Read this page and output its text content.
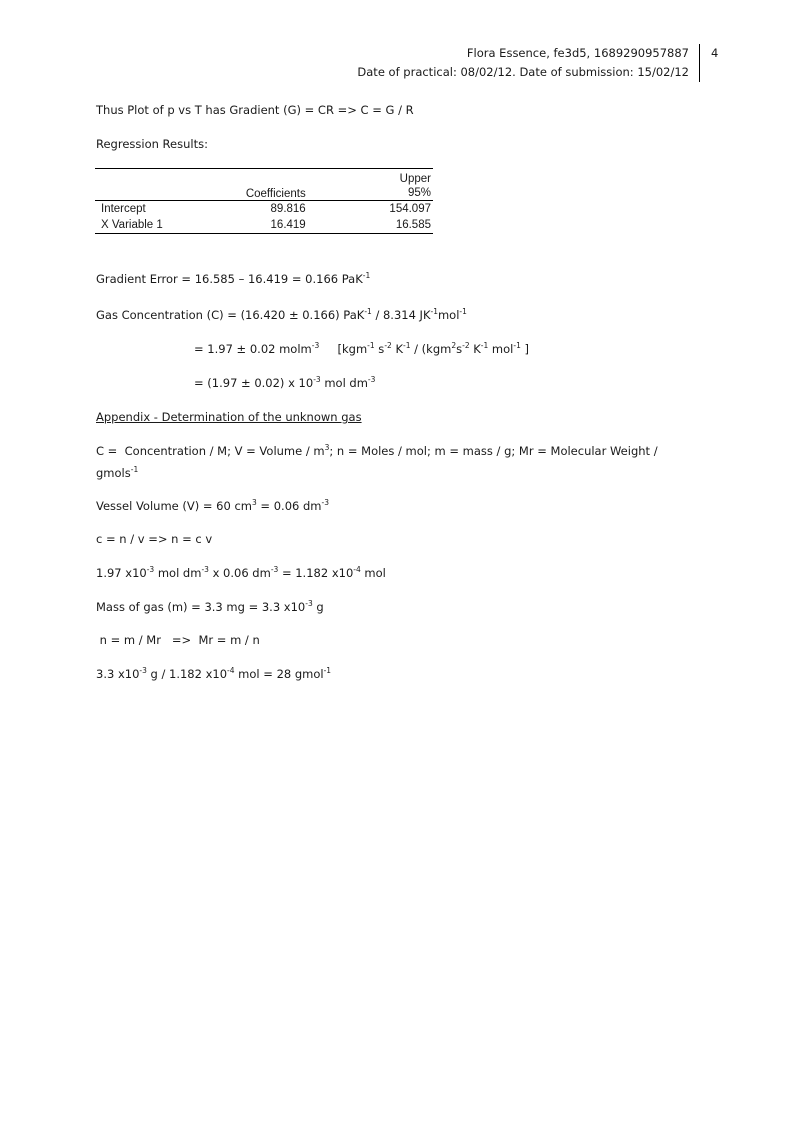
Flora Essence, fe3d5, 1689290957887
Date of practical: 08/02/12. Date of submission: 15/02/12
4
Thus Plot of p vs T has Gradient (G) = CR => C = G / R
Regression Results:
	Coefficients	Upper
95%

Intercept	89.816	154.097
X Variable 1	16.419	16.585
Gradient Error = 16.585 – 16.419 = 0.166 PaK$^{-1}$
Gas Concentration (C) = (16.420 ± 0.166) PaK$^{-1}$ / 8.314 $JK^{-1}mol^{-1}$
= 1.97 ± 0.02 molm$^{-3}$     [kgm$^{-1}$ $s^{-2}$ $K^{-1} / (kgm^2s^{-2}$ $K^{-1}$ mol$^{-1}$ ]
= (1.97 ± 0.02) x $10^{-3}$ mol $dm^{-3}$
Appendix - Determination of the unknown gas
C =  Concentration / M; V = Volume / $m^3$; n = Moles / mol; m = mass / g; Mr = Molecular Weight /
gmols$^{-1}$
Vessel Volume (V) = 60 $cm^3 = 0.06$ $dm^{-3}$
c = n / v => n = c v
1.97 $x10^{-3}$ mol $dm^{-3}$ x 0.06 $dm^{-3} = 1.182$ $x10^{-4}$ mol
Mass of gas (m) = 3.3 mg = 3.3 $x10^{-3}$ g
n = m / Mr   =>  Mr = m / n
3.3 $x10^{-3}$ g / 1.182 $x10^{-4}$ mol = 28 gmol$^{-1}$
